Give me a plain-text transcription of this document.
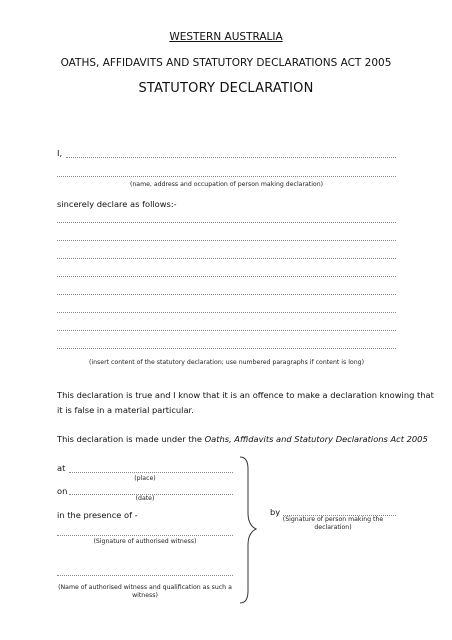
WESTERN AUSTRALIA
OATHS, AFFIDAVITS AND STATUTORY DECLARATIONS ACT 2005
STATUTORY DECLARATION
I,
(name, address and occupation of person making declaration)
sincerely declare as follows:-
(insert content of the statutory declaration; use numbered paragraphs if content is long)
This declaration is true and I know that it is an offence to make a declaration knowing that
it is false in a material particular.
This declaration is made under the Oaths, Affidavits and Statutory Declarations Act 2005
at
(place)
on
(date)
in the presence of -
(Signature of authorised witness)
(Name of authorised witness and qualification as such a
witness)
by
(Signature of person making the
declaration)
